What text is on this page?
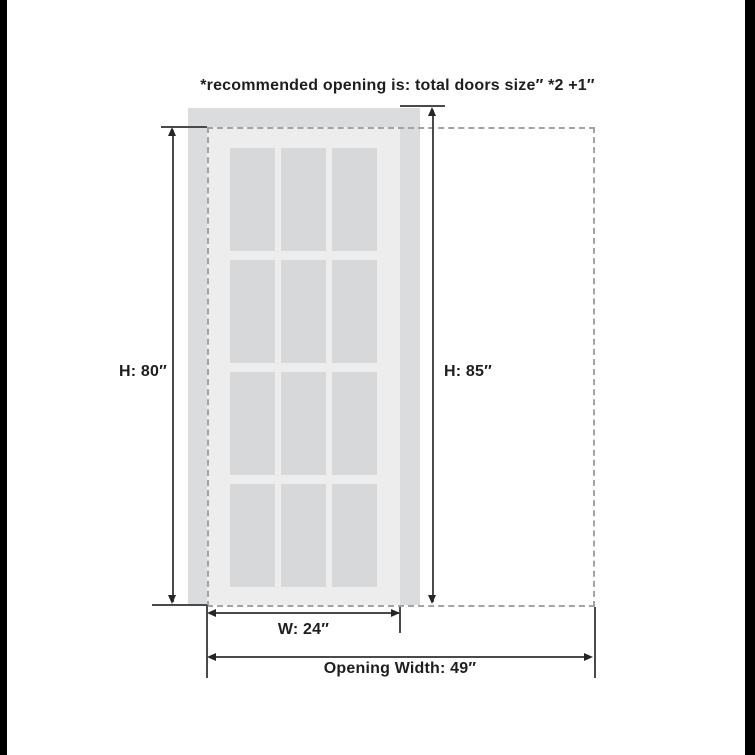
*recommended opening is: total doors size″ *2 +1″
H: 80″	H: 85″
W: 24″
Opening Width: 49″
